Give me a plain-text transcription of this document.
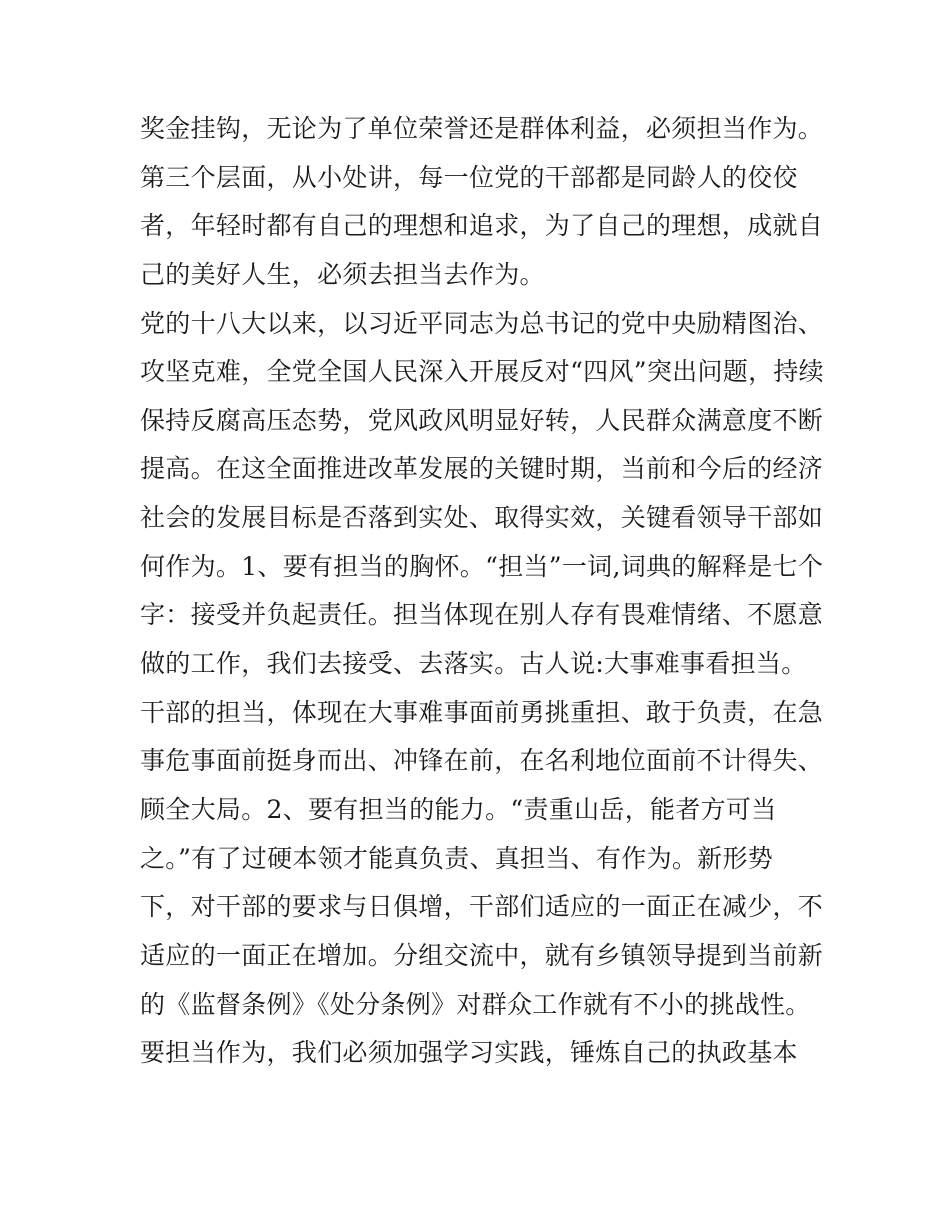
奖金挂钩，无论为了单位荣誉还是群体利益，必须担当作为。
第三个层面，从小处讲，每一位党的干部都是同龄人的佼佼
者，年轻时都有自己的理想和追求，为了自己的理想，成就自
己的美好人生，必须去担当去作为。
党的十八大以来，以习近平同志为总书记的党中央励精图治、
攻坚克难，全党全国人民深入开展反对“四风”突出问题，持续
保持反腐高压态势，党风政风明显好转，人民群众满意度不断
提高。在这全面推进改革发展的关键时期，当前和今后的经济
社会的发展目标是否落到实处、取得实效，关键看领导干部如
何作为。1、要有担当的胸怀。“担当”一词,词典的解释是七个
字：接受并负起责任。担当体现在别人存有畏难情绪、不愿意
做的工作，我们去接受、去落实。古人说:大事难事看担当。
干部的担当，体现在大事难事面前勇挑重担、敢于负责，在急
事危事面前挺身而出、冲锋在前，在名利地位面前不计得失、
顾全大局。2、要有担当的能力。“责重山岳，能者方可当
之。”有了过硬本领才能真负责、真担当、有作为。新形势
下，对干部的要求与日俱增，干部们适应的一面正在减少，不
适应的一面正在增加。分组交流中，就有乡镇领导提到当前新
的《监督条例》《处分条例》对群众工作就有不小的挑战性。
要担当作为，我们必须加强学习实践，锤炼自己的执政基本
